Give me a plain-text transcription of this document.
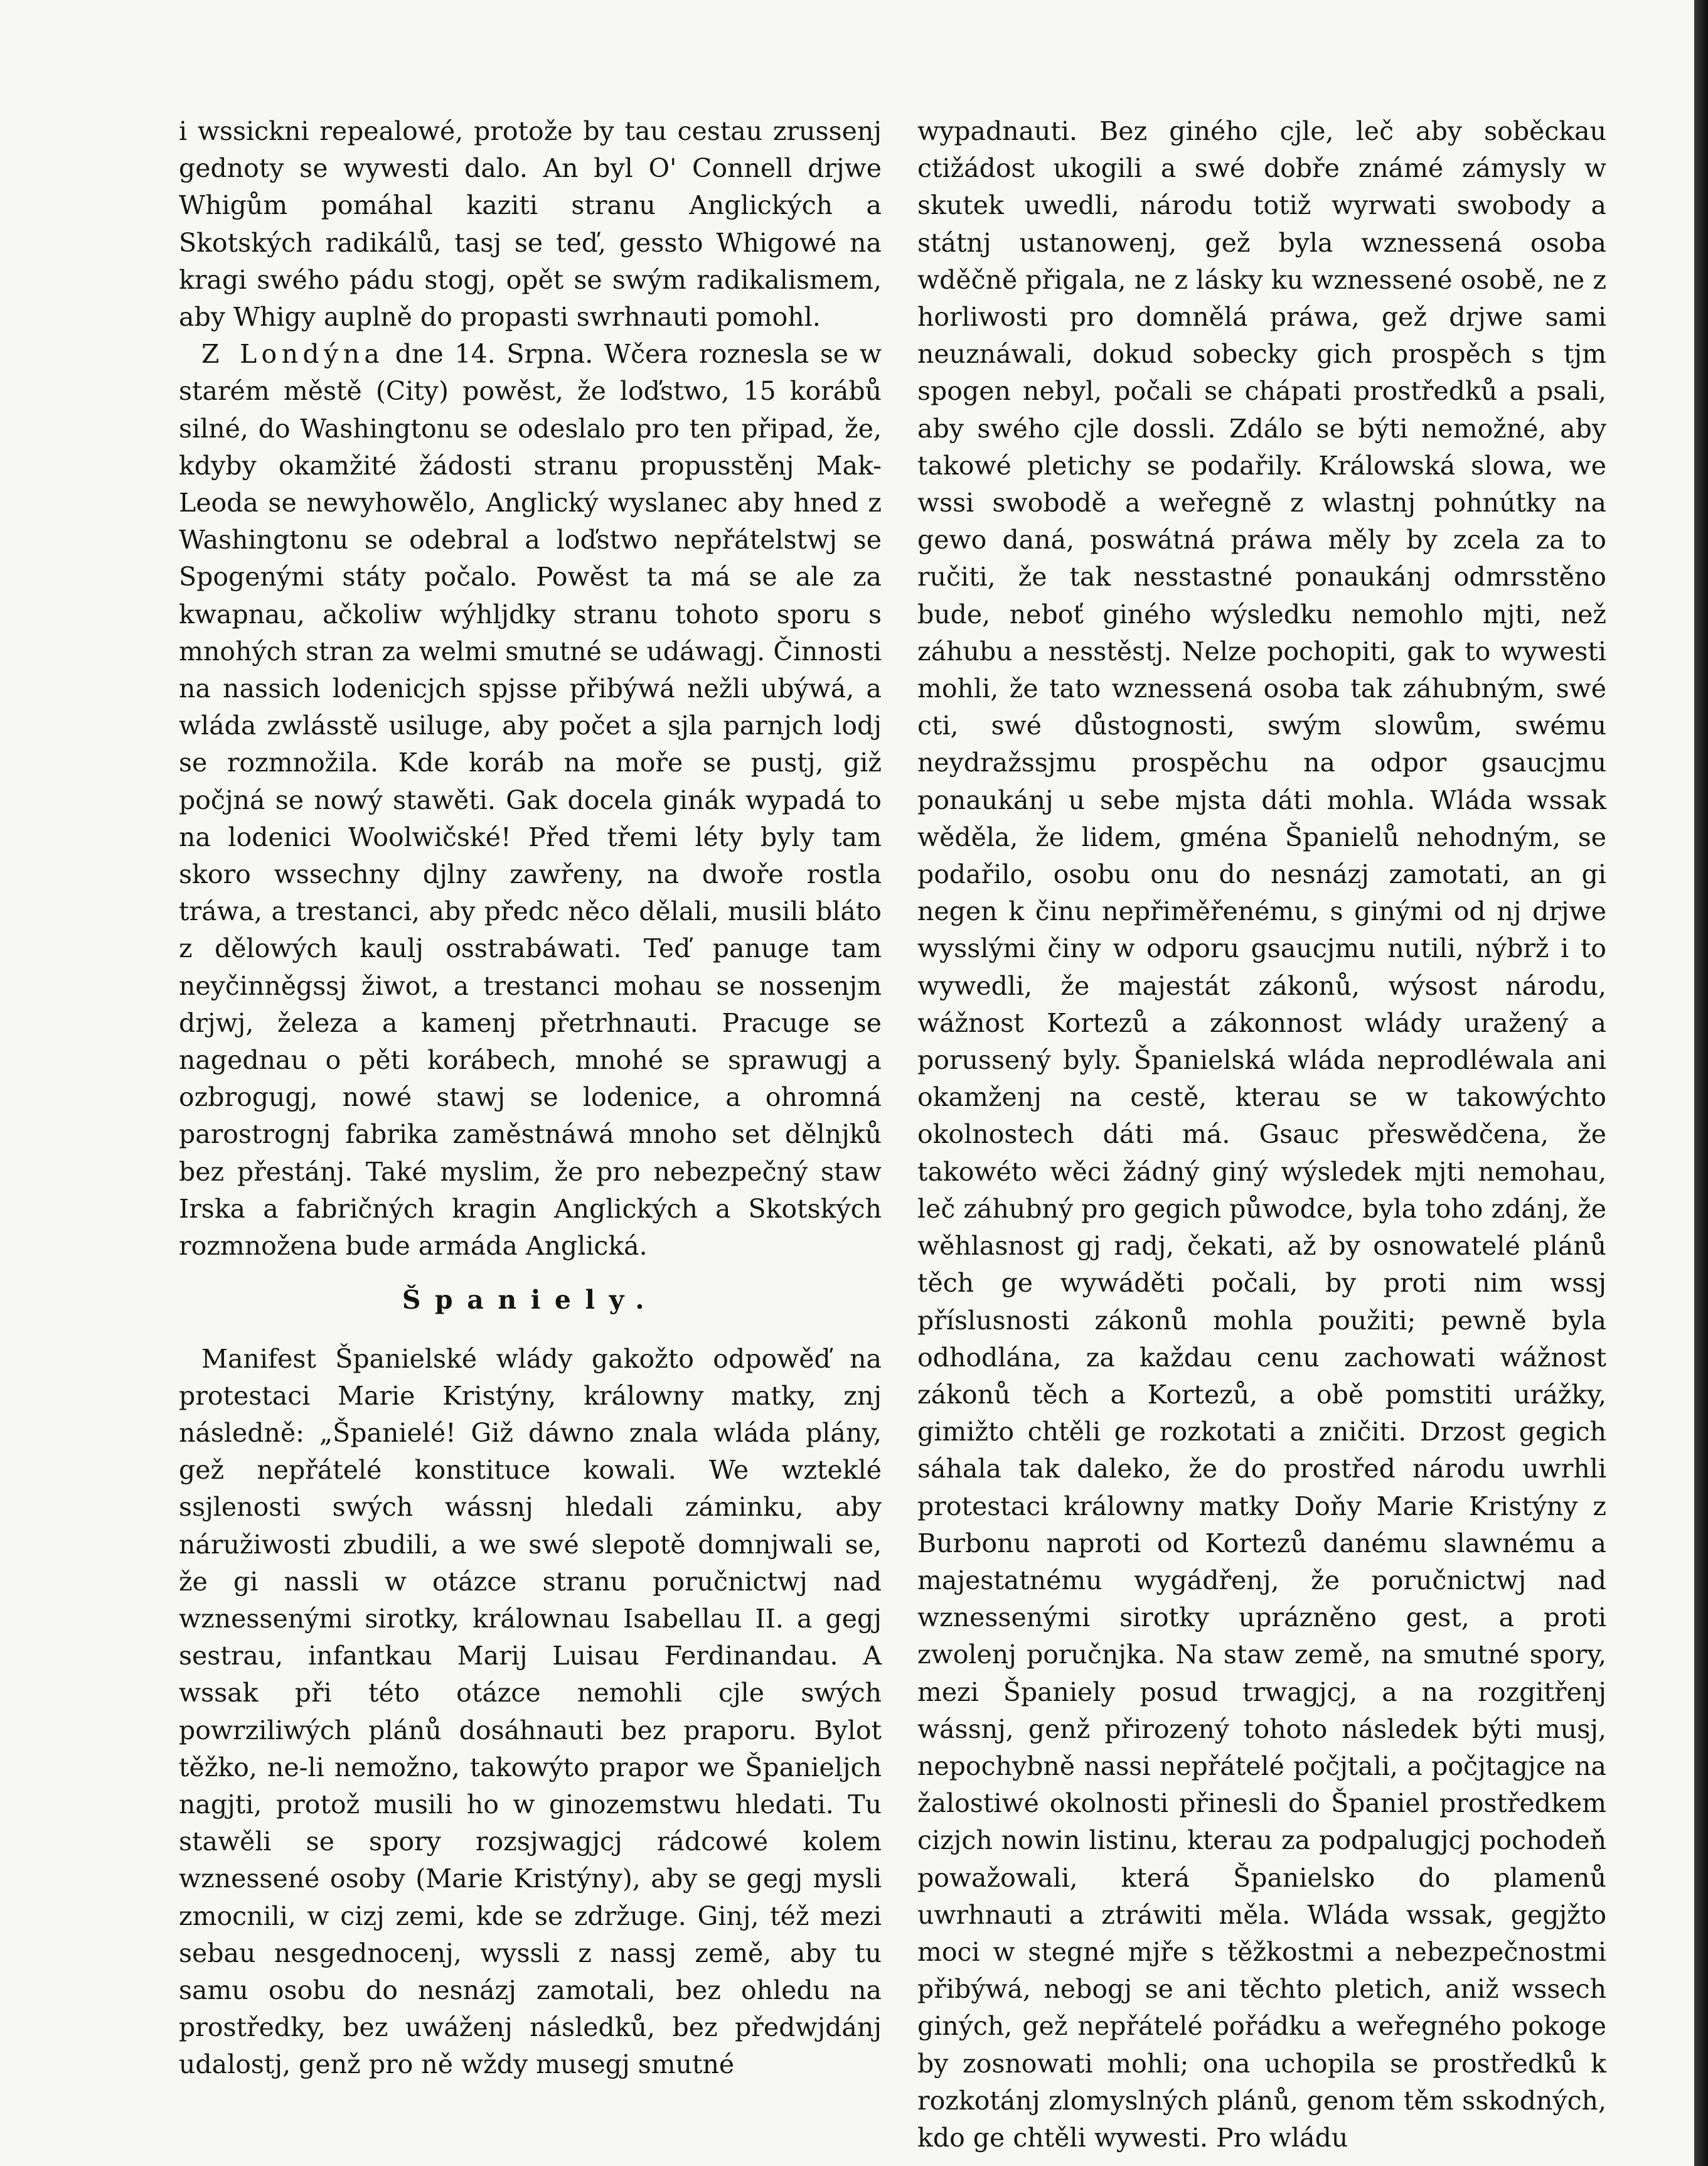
i wssickni repealowé, protože by tau cestau zrussenj gednoty se wywesti dalo. An byl O' Connell drjwe Whigům pomáhal kaziti stranu Anglických a Skotských radikálů, tasj se teď, gessto Whigowé na kragi swého pádu stogj, opět se swým radikalismem, aby Whigy auplně do propasti swrhnauti pomohl.

Z Londýna dne 14. Srpna. Wčera roznesla se w starém městě (City) powěst, že loďstwo, 15 korábů silné, do Washingtonu se odeslalo pro ten připad, že, kdyby okamžité žádosti stranu propusstěnj Mak-Leoda se newyhowělo, Anglický wyslanec aby hned z Washingtonu se odebral a loďstwo nepřátelstwj se Spogenými státy počalo. Powěst ta má se ale za kwapnau, ačkoliw wýhljdky stranu tohoto sporu s mnohých stran za welmi smutné se udáwagj. Činnosti na nassich lodenicjch spjsse přibýwá nežli ubýwá, a wláda zwlásstě usiluge, aby počet a sjla parnjch lodj se rozmnožila. Kde koráb na moře se pustj, giž počjná se nowý stawěti. Gak docela ginák wypadá to na lodenici Woolwičské! Před třemi léty byly tam skoro wssechny djlny zawřeny, na dwoře rostla tráwa, a trestanci, aby předc něco dělali, musili bláto z dělowých kaulj osstrabáwati. Teď panuge tam neyčinněgssj žiwot, a trestanci mohau se nossenjm drjwj, železa a kamenj přetrhnauti. Pracuge se nagednau o pěti korábech, mnohé se sprawugj a ozbrogugj, nowé stawj se lodenice, a ohromná parostrognj fabrika zaměstnáwá mnoho set dělnjků bez přestánj. Také myslim, že pro nebezpečný staw Irska a fabričných kragin Anglických a Skotských rozmnožena bude armáda Anglická.

Španiely.

Manifest Španielské wlády gakožto odpowěď na protestaci Marie Kristýny, králowny matky, znj následně: „Španielé! Giž dáwno znala wláda plány, gež nepřátelé konstituce kowali. We wzteklé ssjlenosti swých wássnj hledali záminku, aby náružiwosti zbudili, a we swé slepotě domnjwali se, že gi nassli w otázce stranu poručnictwj nad wznessenými sirotky, králownau Isabellau II. a gegj sestrau, infantkau Marij Luisau Ferdinandau. A wssak při této otázce nemohli cjle swých powrziliwých plánů dosáhnauti bez praporu. Bylot těžko, ne-li nemožno, takowýto prapor we Španieljch nagjti, protož musili ho w ginozemstwu hledati. Tu stawěli se spory rozsjwagjcj rádcowé kolem wznessené osoby (Marie Kristýny), aby se gegj mysli zmocnili, w cizj zemi, kde se zdržuge. Ginj, též mezi sebau nesgednocenj, wyssli z nassj země, aby tu samu osobu do nesnázj zamotali, bez ohledu na prostředky, bez uwáženj následků, bez předwjdánj udalostj, genž pro ně wždy musegj smutné

wypadnauti. Bez giného cjle, leč aby soběckau ctižádost ukogili a swé dobře známé zámysly w skutek uwedli, národu totiž wyrwati swobody a státnj ustanowenj, gež byla wznessená osoba wděčně přigala, ne z lásky ku wznessené osobě, ne z horliwosti pro domnělá práwa, gež drjwe sami neuznáwali, dokud sobecky gich prospěch s tjm spogen nebyl, počali se chápati prostředků a psali, aby swého cjle dossli. Zdálo se býti nemožné, aby takowé pletichy se podařily. Králowská slowa, we wssi swobodě a weřegně z wlastnj pohnútky na gewo daná, poswátná práwa měly by zcela za to ručiti, že tak nesstastné ponaukánj odmrsstěno bude, neboť giného wýsledku nemohlo mjti, než záhubu a nesstěstj. Nelze pochopiti, gak to wywesti mohli, že tato wznessená osoba tak záhubným, swé cti, swé důstognosti, swým slowům, swému neydražssjmu prospěchu na odpor gsaucjmu ponaukánj u sebe mjsta dáti mohla. Wláda wssak wěděla, že lidem, gména Španielů nehodným, se podařilo, osobu onu do nesnázj zamotati, an gi negen k činu nepřiměřenému, s ginými od nj drjwe wysslými činy w odporu gsaucjmu nutili, nýbrž i to wywedli, že majestát zákonů, wýsost národu, wážnost Kortezů a zákonnost wlády uražený a porussený byly. Španielská wláda neprodléwala ani okamženj na cestě, kterau se w takowýchto okolnostech dáti má. Gsauc přeswědčena, že takowéto wěci žádný giný wýsledek mjti nemohau, leč záhubný pro gegich půwodce, byla toho zdánj, že wěhlasnost gj radj, čekati, až by osnowatelé plánů těch ge wywáděti počali, by proti nim wssj příslusnosti zákonů mohla použiti; pewně byla odhodlána, za každau cenu zachowati wážnost zákonů těch a Kortezů, a obě pomstiti urážky, gimižto chtěli ge rozkotati a zničiti. Drzost gegich sáhala tak daleko, že do prostřed národu uwrhli protestaci králowny matky Doňy Marie Kristýny z Burbonu naproti od Kortezů danému slawnému a majestatnému wygádřenj, že poručnictwj nad wznessenými sirotky uprázněno gest, a proti zwolenj poručnjka. Na staw země, na smutné spory, mezi Španiely posud trwagjcj, a na rozgitřenj wássnj, genž přirozený tohoto následek býti musj, nepochybně nassi nepřátelé počjtali, a počjtagjce na žalostiwé okolnosti přinesli do Španiel prostředkem cizjch nowin listinu, kterau za podpalugjcj pochodeň powažowali, která Španielsko do plamenů uwrhnauti a ztráwiti měla. Wláda wssak, gegjžto moci w stegné mjře s těžkostmi a nebezpečnostmi přibýwá, nebogj se ani těchto pletich, aniž wssech giných, gež nepřátelé pořádku a weřegného pokoge by zosnowati mohli; ona uchopila se prostředků k rozkotánj zlomyslných plánů, genom těm sskodných, kdo ge chtěli wywesti. Pro wládu
